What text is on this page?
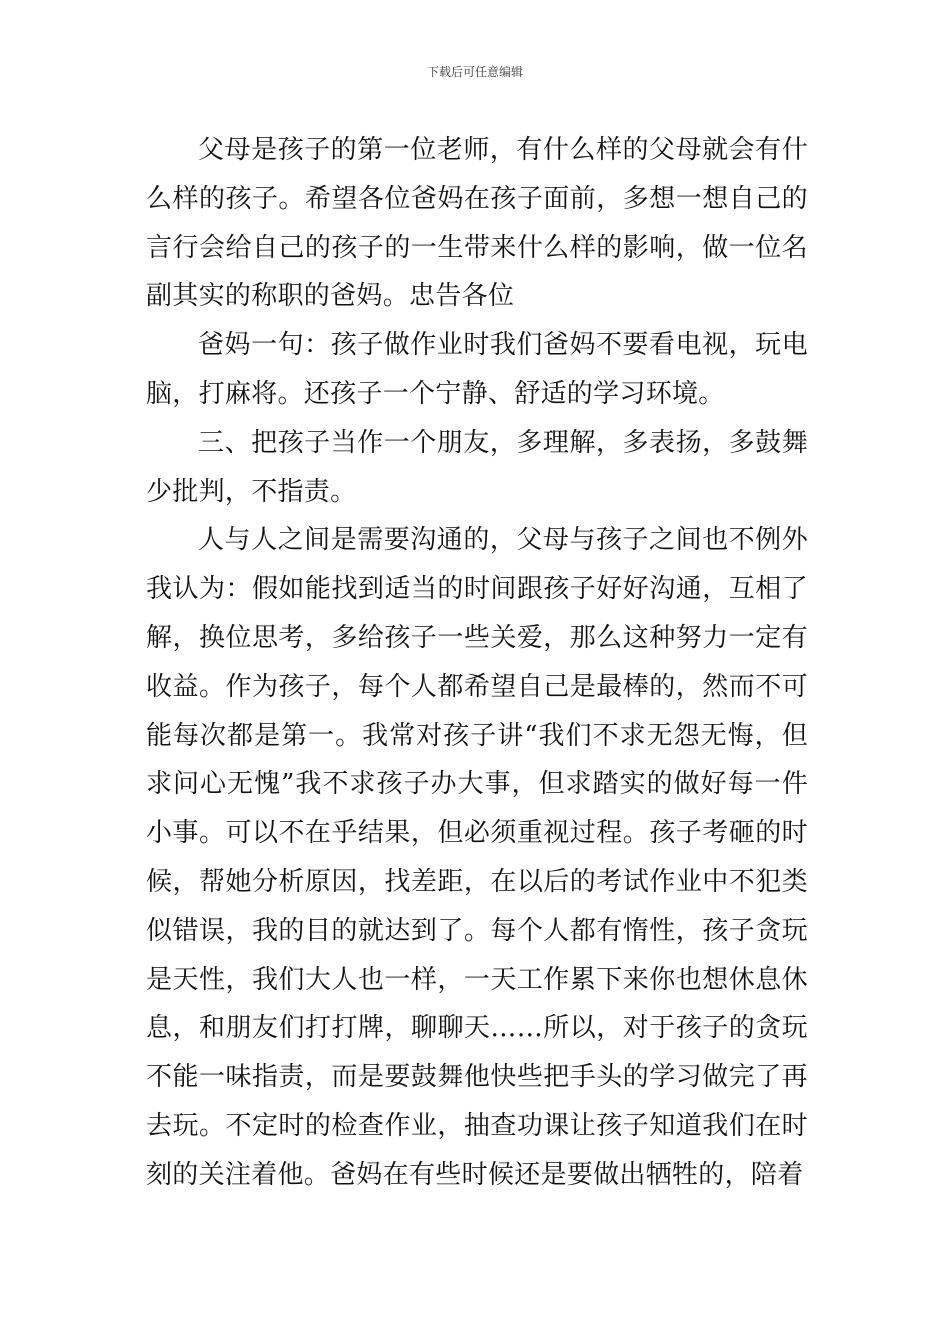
下载后可任意编辑

父母是孩子的第一位老师，有什么样的父母就会有什么样的孩子。希望各位爸妈在孩子面前，多想一想自己的言行会给自己的孩子的一生带来什么样的影响，做一位名副其实的称职的爸妈。忠告各位

爸妈一句：孩子做作业时我们爸妈不要看电视，玩电脑，打麻将。还孩子一个宁静、舒适的学习环境。

三、把孩子当作一个朋友，多理解，多表扬，多鼓舞少批判，不指责。

人与人之间是需要沟通的，父母与孩子之间也不例外我认为：假如能找到适当的时间跟孩子好好沟通，互相了解，换位思考，多给孩子一些关爱，那么这种努力一定有收益。作为孩子，每个人都希望自己是最棒的，然而不可能每次都是第一。我常对孩子讲“我们不求无怨无悔，但求问心无愧”我不求孩子办大事，但求踏实的做好每一件小事。可以不在乎结果，但必须重视过程。孩子考砸的时候，帮她分析原因，找差距，在以后的考试作业中不犯类似错误，我的目的就达到了。每个人都有惰性，孩子贪玩是天性，我们大人也一样，一天工作累下来你也想休息休息，和朋友们打打牌，聊聊天……所以，对于孩子的贪玩不能一味指责，而是要鼓舞他快些把手头的学习做完了再去玩。不定时的检查作业，抽查功课让孩子知道我们在时刻的关注着他。爸妈在有些时候还是要做出牺牲的，陪着
